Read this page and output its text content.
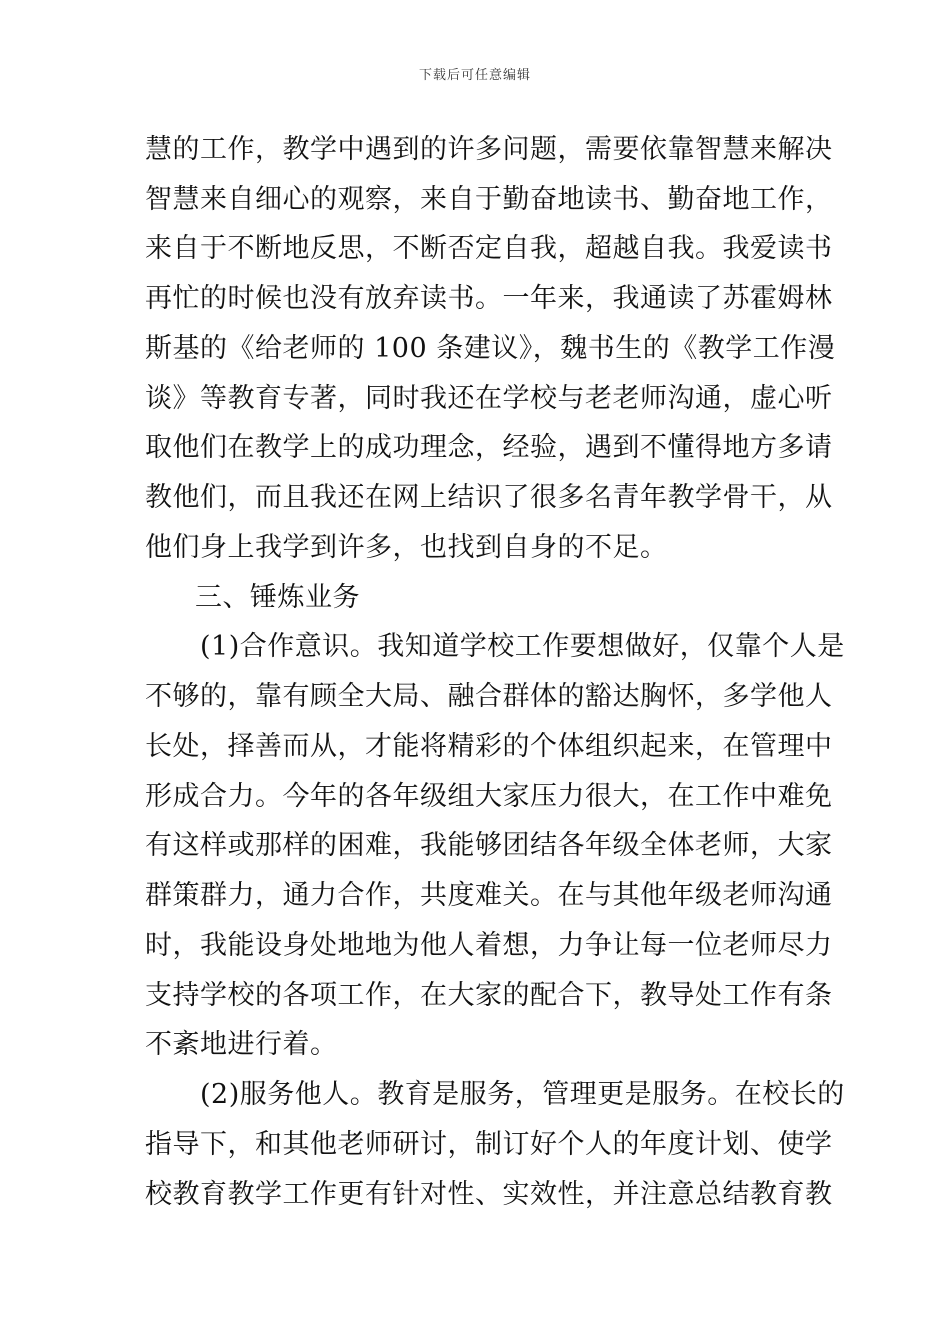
下载后可任意编辑
慧的工作，教学中遇到的许多问题，需要依靠智慧来解决
智慧来自细心的观察，来自于勤奋地读书、勤奋地工作，
来自于不断地反思，不断否定自我，超越自我。我爱读书
再忙的时候也没有放弃读书。一年来，我通读了苏霍姆林
斯基的《给老师的 100 条建议》，魏书生的《教学工作漫
谈》等教育专著，同时我还在学校与老老师沟通，虚心听
取他们在教学上的成功理念，经验，遇到不懂得地方多请
教他们，而且我还在网上结识了很多名青年教学骨干，从
他们身上我学到许多，也找到自身的不足。
三、锤炼业务
(1)合作意识。我知道学校工作要想做好，仅靠个人是
不够的，靠有顾全大局、融合群体的豁达胸怀，多学他人
长处，择善而从，才能将精彩的个体组织起来，在管理中
形成合力。今年的各年级组大家压力很大，在工作中难免
有这样或那样的困难，我能够团结各年级全体老师，大家
群策群力，通力合作，共度难关。在与其他年级老师沟通
时，我能设身处地地为他人着想，力争让每一位老师尽力
支持学校的各项工作，在大家的配合下，教导处工作有条
不紊地进行着。
(2)服务他人。教育是服务，管理更是服务。在校长的
指导下，和其他老师研讨，制订好个人的年度计划、使学
校教育教学工作更有针对性、实效性，并注意总结教育教
